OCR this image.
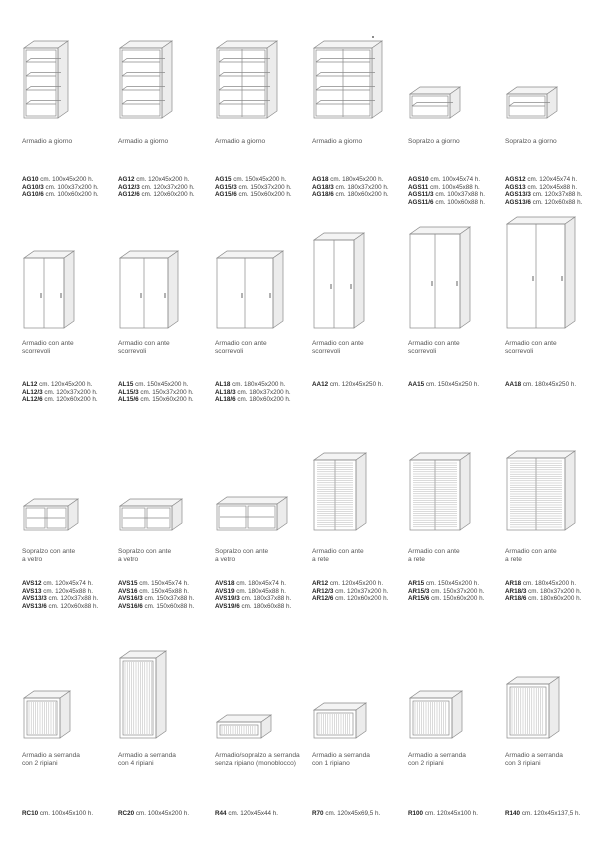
Armadio a giorno
AG10 cm. 100x45x200 h.
AG10/3 cm. 100x37x200 h.
AG10/6 cm. 100x60x200 h.
Armadio a giorno
AG12 cm. 120x45x200 h.
AG12/3 cm. 120x37x200 h.
AG12/6 cm. 120x60x200 h.
Armadio a giorno
AG15 cm. 150x45x200 h.
AG15/3 cm. 150x37x200 h.
AG15/6 cm. 150x60x200 h.
Armadio a giorno
AG18 cm. 180x45x200 h.
AG18/3 cm. 180x37x200 h.
AG18/6 cm. 180x60x200 h.
Sopralzo a giorno
AGS10 cm. 100x45x74 h.
AGS11 cm. 100x45x88 h.
AGS11/3 cm. 100x37x88 h.
AGS11/6 cm. 100x60x88 h.
Sopralzo a giorno
AGS12 cm. 120x45x74 h.
AGS13 cm. 120x45x88 h.
AGS13/3 cm. 120x37x88 h.
AGS13/6 cm. 120x60x88 h.
Armadio con ante
scorrevoli
AL12 cm. 120x45x200 h.
AL12/3 cm. 120x37x200 h.
AL12/6 cm. 120x60x200 h.
Armadio con ante
scorrevoli
AL15 cm. 150x45x200 h.
AL15/3 cm. 150x37x200 h.
AL15/6 cm. 150x60x200 h.
Armadio con ante
scorrevoli
AL18 cm. 180x45x200 h.
AL18/3 cm. 180x37x200 h.
AL18/6 cm. 180x60x200 h.
Armadio con ante
scorrevoli
AA12 cm. 120x45x250 h.
Armadio con ante
scorrevoli
AA15 cm. 150x45x250 h.
Armadio con ante
scorrevoli
AA18 cm. 180x45x250 h.
Sopralzo con ante
a vetro
AVS12 cm. 120x45x74 h.
AVS13 cm. 120x45x88 h.
AVS13/3 cm. 120x37x88 h.
AVS13/6 cm. 120x60x88 h.
Sopralzo con ante
a vetro
AVS15 cm. 150x45x74 h.
AVS16 cm. 150x45x88 h.
AVS16/3 cm. 150x37x88 h.
AVS16/6 cm. 150x60x88 h.
Sopralzo con ante
a vetro
AVS18 cm. 180x45x74 h.
AVS19 cm. 180x45x88 h.
AVS19/3 cm. 180x37x88 h.
AVS19/6 cm. 180x60x88 h.
Armadio con ante
a rete
AR12 cm. 120x45x200 h.
AR12/3 cm. 120x37x200 h.
AR12/6 cm. 120x60x200 h.
Armadio con ante
a rete
AR15 cm. 150x45x200 h.
AR15/3 cm. 150x37x200 h.
AR15/6 cm. 150x60x200 h.
Armadio con ante
a rete
AR18 cm. 180x45x200 h.
AR18/3 cm. 180x37x200 h.
AR18/6 cm. 180x60x200 h.
Armadio a serranda
con 2 ripiani
RC10 cm. 100x45x100 h.
Armadio a serranda
con 4 ripiani
RC20 cm. 100x45x200 h.
Armadio/sopralzo a serranda
senza ripiano (monoblocco)
R44 cm. 120x45x44 h.
Armadio a serranda
con 1 ripiano
R70 cm. 120x45x69,5 h.
Armadio a serranda
con 2 ripiani
R100 cm. 120x45x100 h.
Armadio a serranda
con 3 ripiani
R140 cm. 120x45x137,5 h.
